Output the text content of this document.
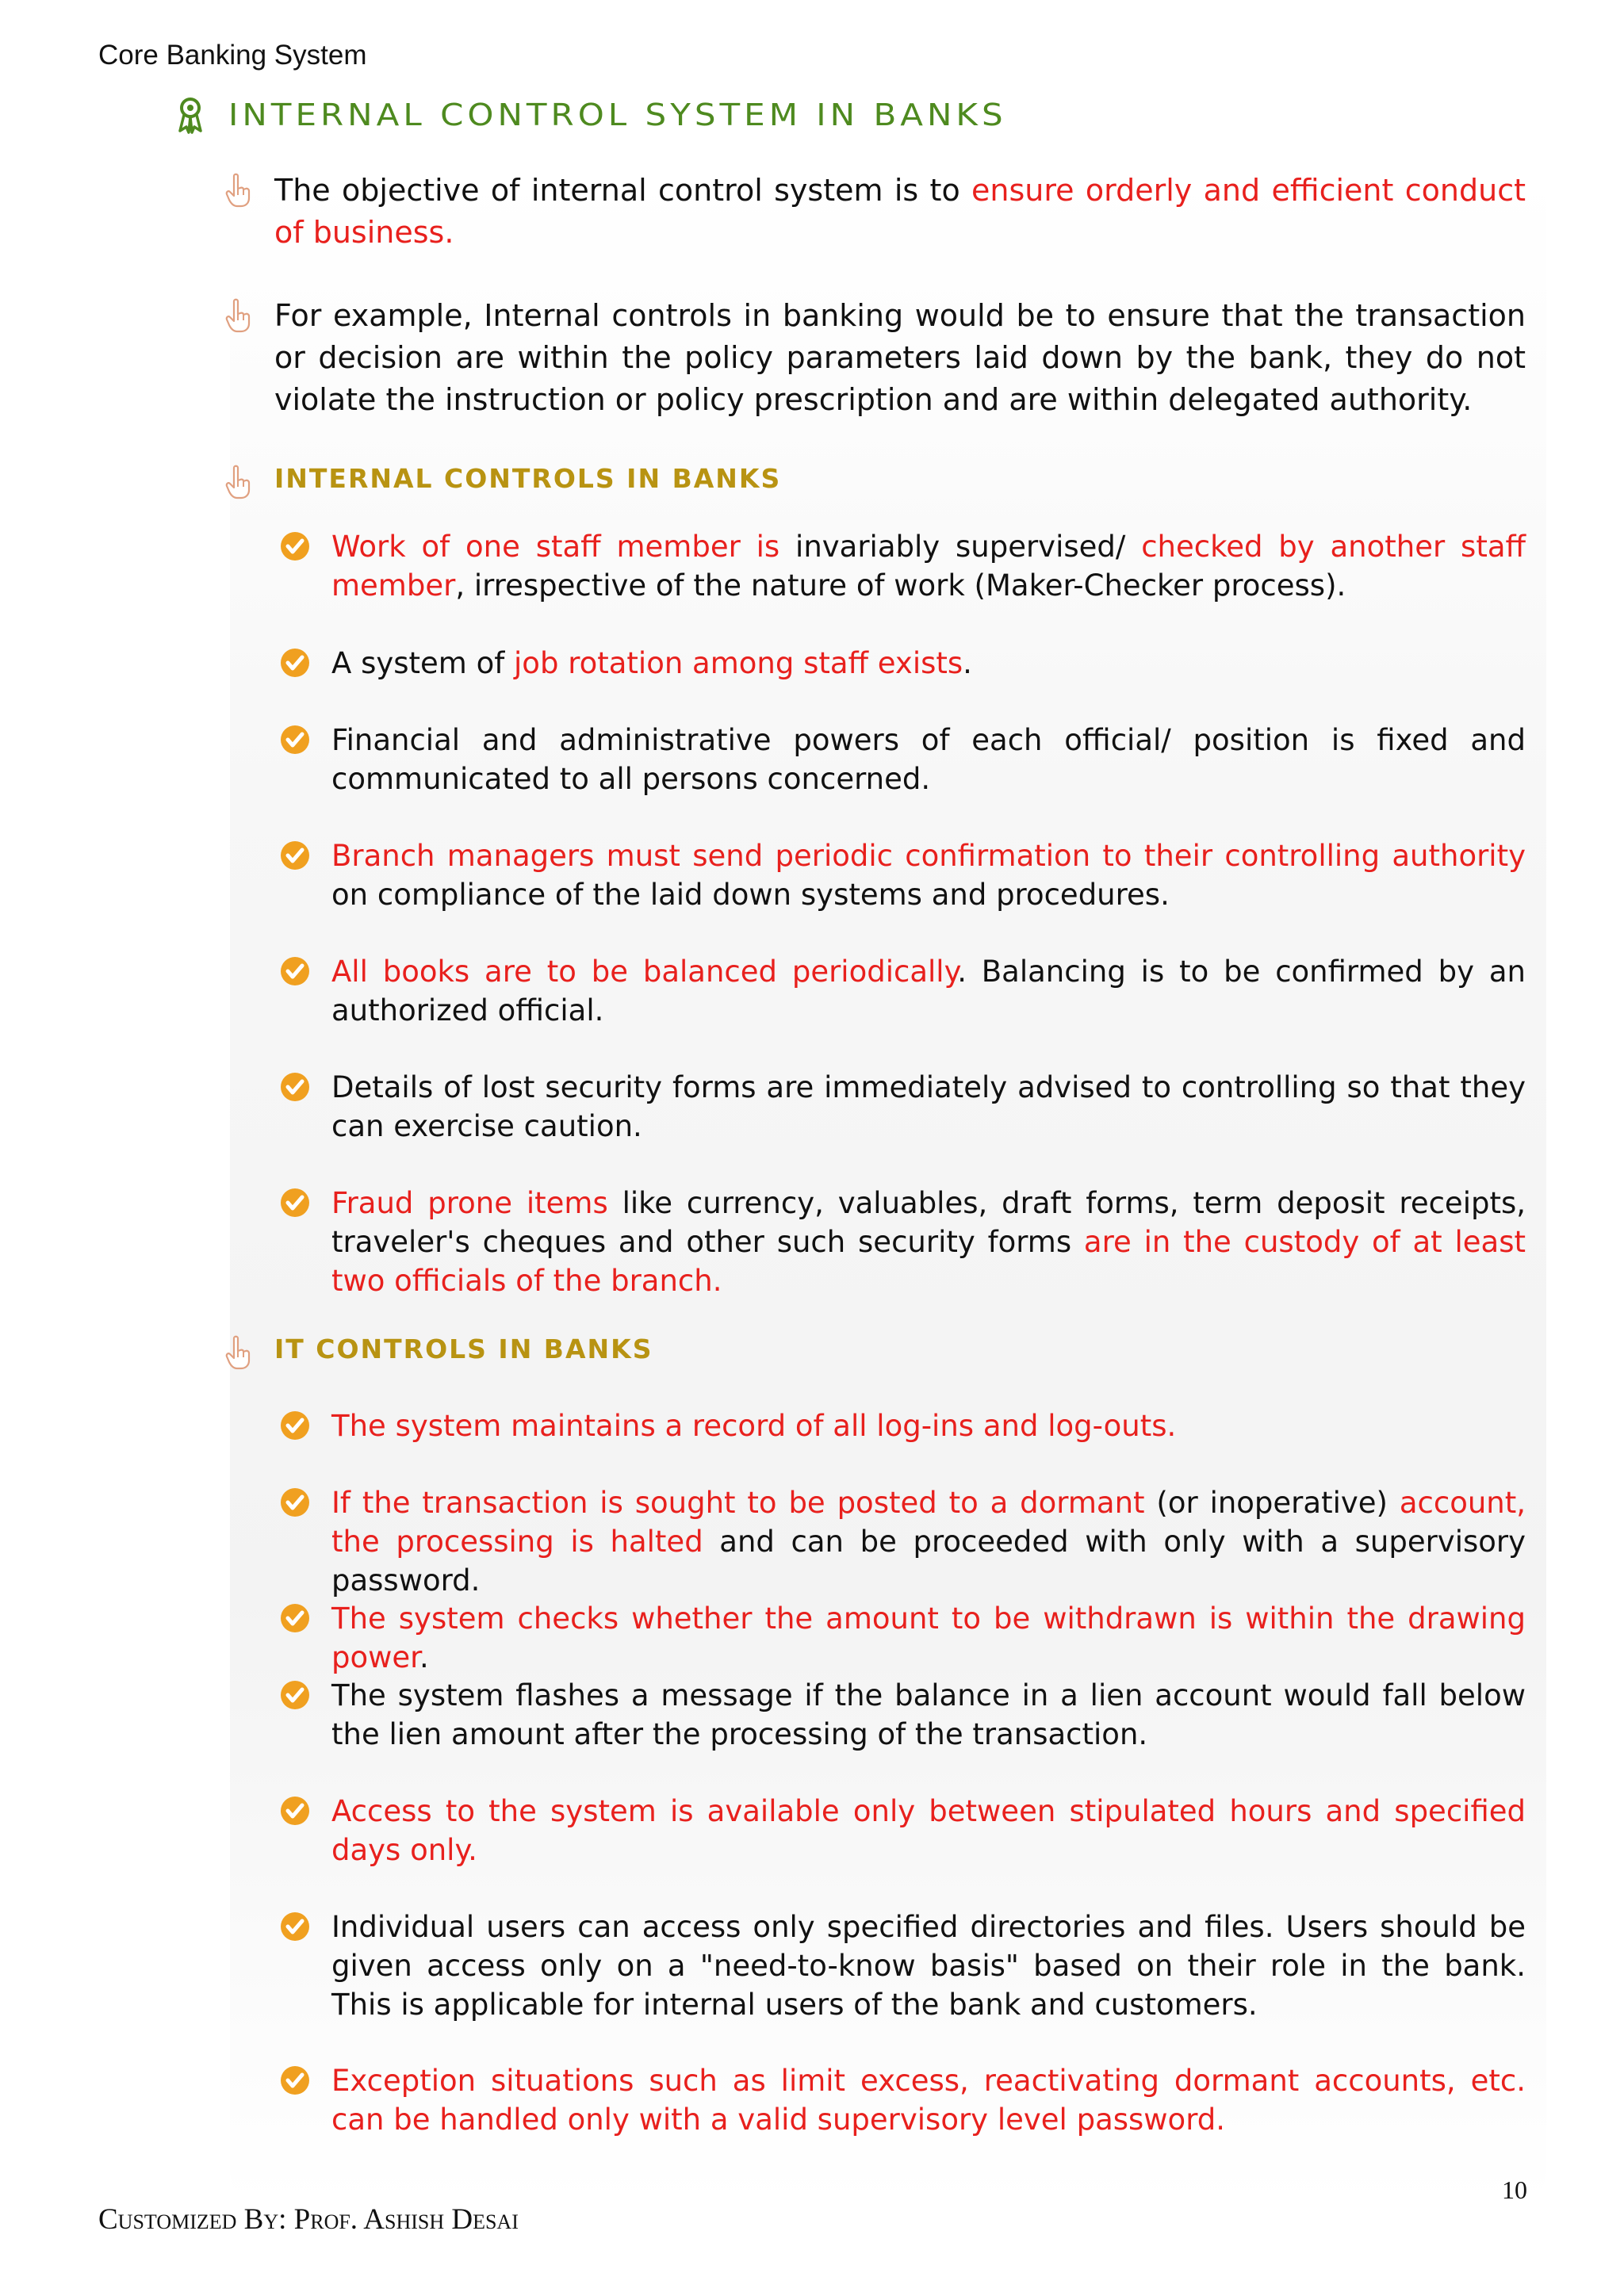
Core Banking System
INTERNAL CONTROL SYSTEM IN BANKS
The objective of internal control system is to ensure orderly and efficient conduct of business.
For example, Internal controls in banking would be to ensure that the transaction or decision are within the policy parameters laid down by the bank, they do not violate the instruction or policy prescription and are within delegated authority.
INTERNAL CONTROLS IN BANKS
Work of one staff member is invariably supervised/ checked by another staff member, irrespective of the nature of work (Maker-Checker process).
A system of job rotation among staff exists.
Financial and administrative powers of each official/ position is fixed and communicated to all persons concerned.
Branch managers must send periodic confirmation to their controlling authority on compliance of the laid down systems and procedures.
All books are to be balanced periodically. Balancing is to be confirmed by an authorized official.
Details of lost security forms are immediately advised to controlling so that they can exercise caution.
Fraud prone items like currency, valuables, draft forms, term deposit receipts, traveler's cheques and other such security forms are in the custody of at least two officials of the branch.
IT CONTROLS IN BANKS
The system maintains a record of all log-ins and log-outs.
If the transaction is sought to be posted to a dormant (or inoperative) account, the processing is halted and can be proceeded with only with a supervisory password.
The system checks whether the amount to be withdrawn is within the drawing power.
The system flashes a message if the balance in a lien account would fall below the lien amount after the processing of the transaction.
Access to the system is available only between stipulated hours and specified days only.
Individual users can access only specified directories and files. Users should be given access only on a "need-to-know basis" based on their role in the bank. This is applicable for internal users of the bank and customers.
Exception situations such as limit excess, reactivating dormant accounts, etc. can be handled only with a valid supervisory level password.
10
Customized By: Prof. Ashish Desai
